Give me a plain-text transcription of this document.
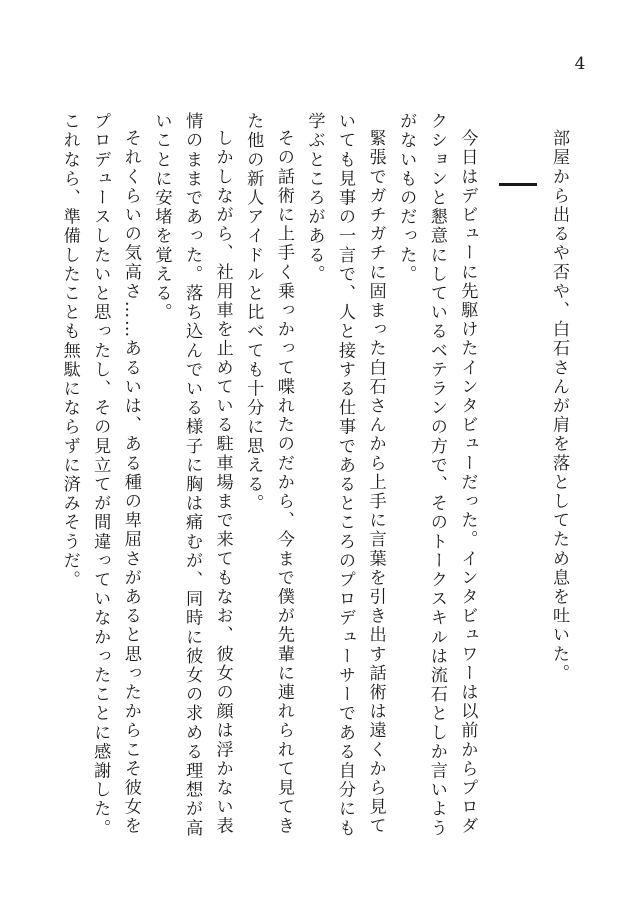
4

部屋から出るや否や、白石さんが肩を落としてため息を吐いた。

今日はデビューに先駆けたインタビューだった。インタビュワーは以前からプロダクションと懇意にしているベテランの方で、そのトークスキルは流石としか言いようがないものだった。

緊張でガチガチに固まった白石さんから上手に言葉を引き出す話術は遠くから見ていても見事の一言で、人と接する仕事であるところのプロデューサーである自分にも学ぶところがある。

その話術に上手く乗っかって喋れたのだから、今まで僕が先輩に連れられて見てきた他の新人アイドルと比べても十分に思える。

しかしながら、社用車を止めている駐車場まで来てもなお、彼女の顔は浮かない表情のままであった。落ち込んでいる様子に胸は痛むが、同時に彼女の求める理想が高いことに安堵を覚える。

それくらいの気高さ……あるいは、ある種の卑屈さがあると思ったからこそ彼女をプロデュースしたいと思ったし、その見立てが間違っていなかったことに感謝した。これなら、準備したことも無駄にならずに済みそうだ。
